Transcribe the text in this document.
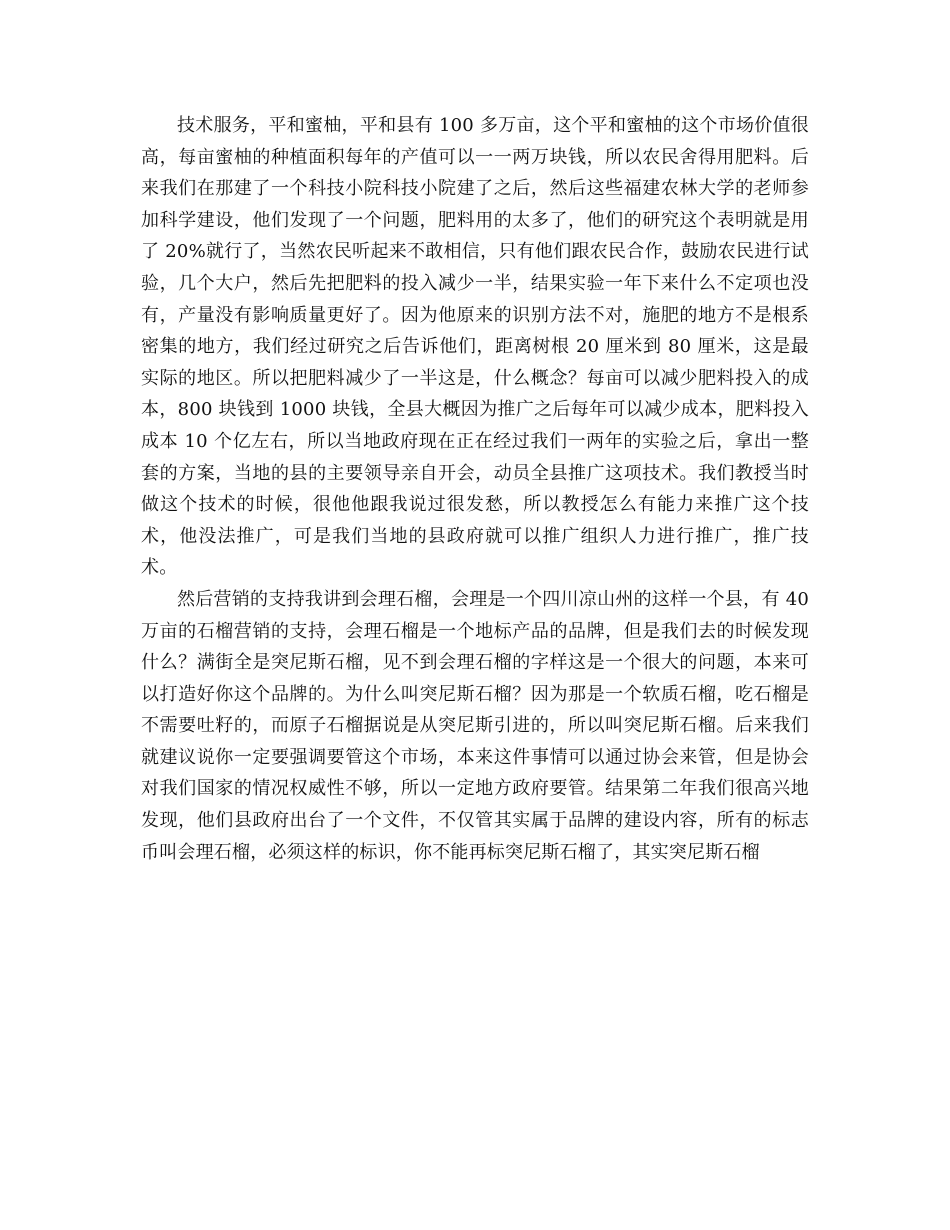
技术服务，平和蜜柚，平和县有 100 多万亩，这个平和蜜柚的这个市场价值很高，每亩蜜柚的种植面积每年的产值可以一一两万块钱，所以农民舍得用肥料。后来我们在那建了一个科技小院科技小院建了之后，然后这些福建农林大学的老师参加科学建设，他们发现了一个问题，肥料用的太多了，他们的研究这个表明就是用了 20%就行了，当然农民听起来不敢相信，只有他们跟农民合作，鼓励农民进行试验，几个大户，然后先把肥料的投入减少一半，结果实验一年下来什么不定项也没有，产量没有影响质量更好了。因为他原来的识别方法不对，施肥的地方不是根系密集的地方，我们经过研究之后告诉他们，距离树根 20 厘米到 80 厘米，这是最实际的地区。所以把肥料减少了一半这是，什么概念？每亩可以减少肥料投入的成本，800 块钱到 1000 块钱，全县大概因为推广之后每年可以减少成本，肥料投入成本 10 个亿左右，所以当地政府现在正在经过我们一两年的实验之后，拿出一整套的方案，当地的县的主要领导亲自开会，动员全县推广这项技术。我们教授当时做这个技术的时候，很他他跟我说过很发愁，所以教授怎么有能力来推广这个技术，他没法推广，可是我们当地的县政府就可以推广组织人力进行推广，推广技术。

然后营销的支持我讲到会理石榴，会理是一个四川凉山州的这样一个县，有 40 万亩的石榴营销的支持，会理石榴是一个地标产品的品牌，但是我们去的时候发现什么？满街全是突尼斯石榴，见不到会理石榴的字样这是一个很大的问题，本来可以打造好你这个品牌的。为什么叫突尼斯石榴？因为那是一个软质石榴，吃石榴是不需要吐籽的，而原子石榴据说是从突尼斯引进的，所以叫突尼斯石榴。后来我们就建议说你一定要强调要管这个市场，本来这件事情可以通过协会来管，但是协会对我们国家的情况权威性不够，所以一定地方政府要管。结果第二年我们很高兴地发现，他们县政府出台了一个文件，不仅管其实属于品牌的建设内容，所有的标志币叫会理石榴，必须这样的标识，你不能再标突尼斯石榴了，其实突尼斯石榴
